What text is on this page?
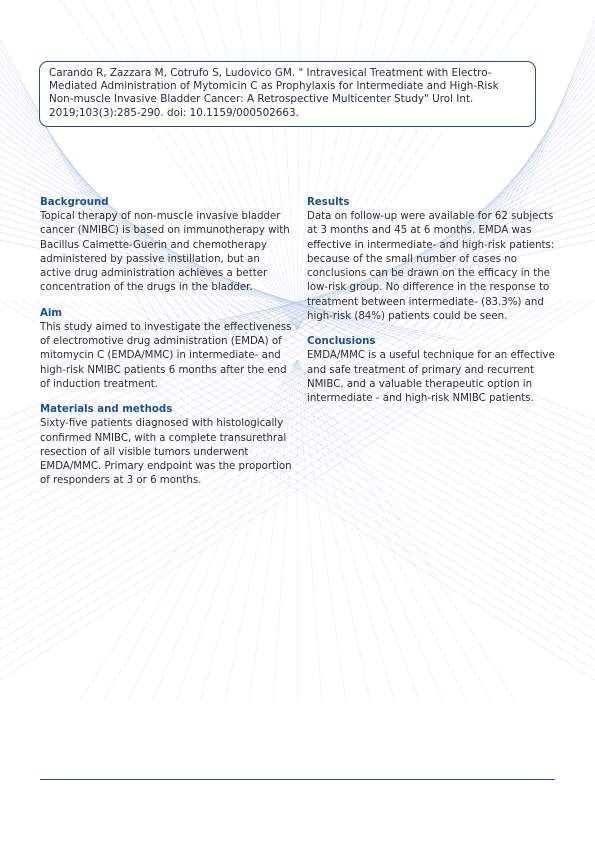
Carando R, Zazzara M, Cotrufo S, Ludovico GM. " Intravesical Treatment with Electro-Mediated Administration of Mytomicin C as Prophylaxis for Intermediate and High-Risk Non-muscle Invasive Bladder Cancer: A Retrospective Multicenter Study" Urol Int. 2019;103(3):285-290. doi: 10.1159/000502663.
Background
Topical therapy of non-muscle invasive bladder cancer (NMIBC) is based on immunotherapy with Bacillus Calmette-Guerin and chemotherapy administered by passive instillation, but an active drug administration achieves a better concentration of the drugs in the bladder.
Aim
This study aimed to investigate the effectiveness of electromotive drug administration (EMDA) of mitomycin C (EMDA/MMC) in intermediate- and high-risk NMIBC patients 6 months after the end of induction treatment.
Materials and methods
Sixty-five patients diagnosed with histologically confirmed NMIBC, with a complete transurethral resection of all visible tumors underwent EMDA/MMC. Primary endpoint was the proportion of responders at 3 or 6 months.
Results
Data on follow-up were available for 62 subjects at 3 months and 45 at 6 months. EMDA was effective in intermediate- and high-risk patients: because of the small number of cases no conclusions can be drawn on the efficacy in the low-risk group. No difference in the response to treatment between intermediate- (83.3%) and high-risk (84%) patients could be seen.
Conclusions
EMDA/MMC is a useful technique for an effective and safe treatment of primary and recurrent NMIBC, and a valuable therapeutic option in intermediate - and high-risk NMIBC patients.
